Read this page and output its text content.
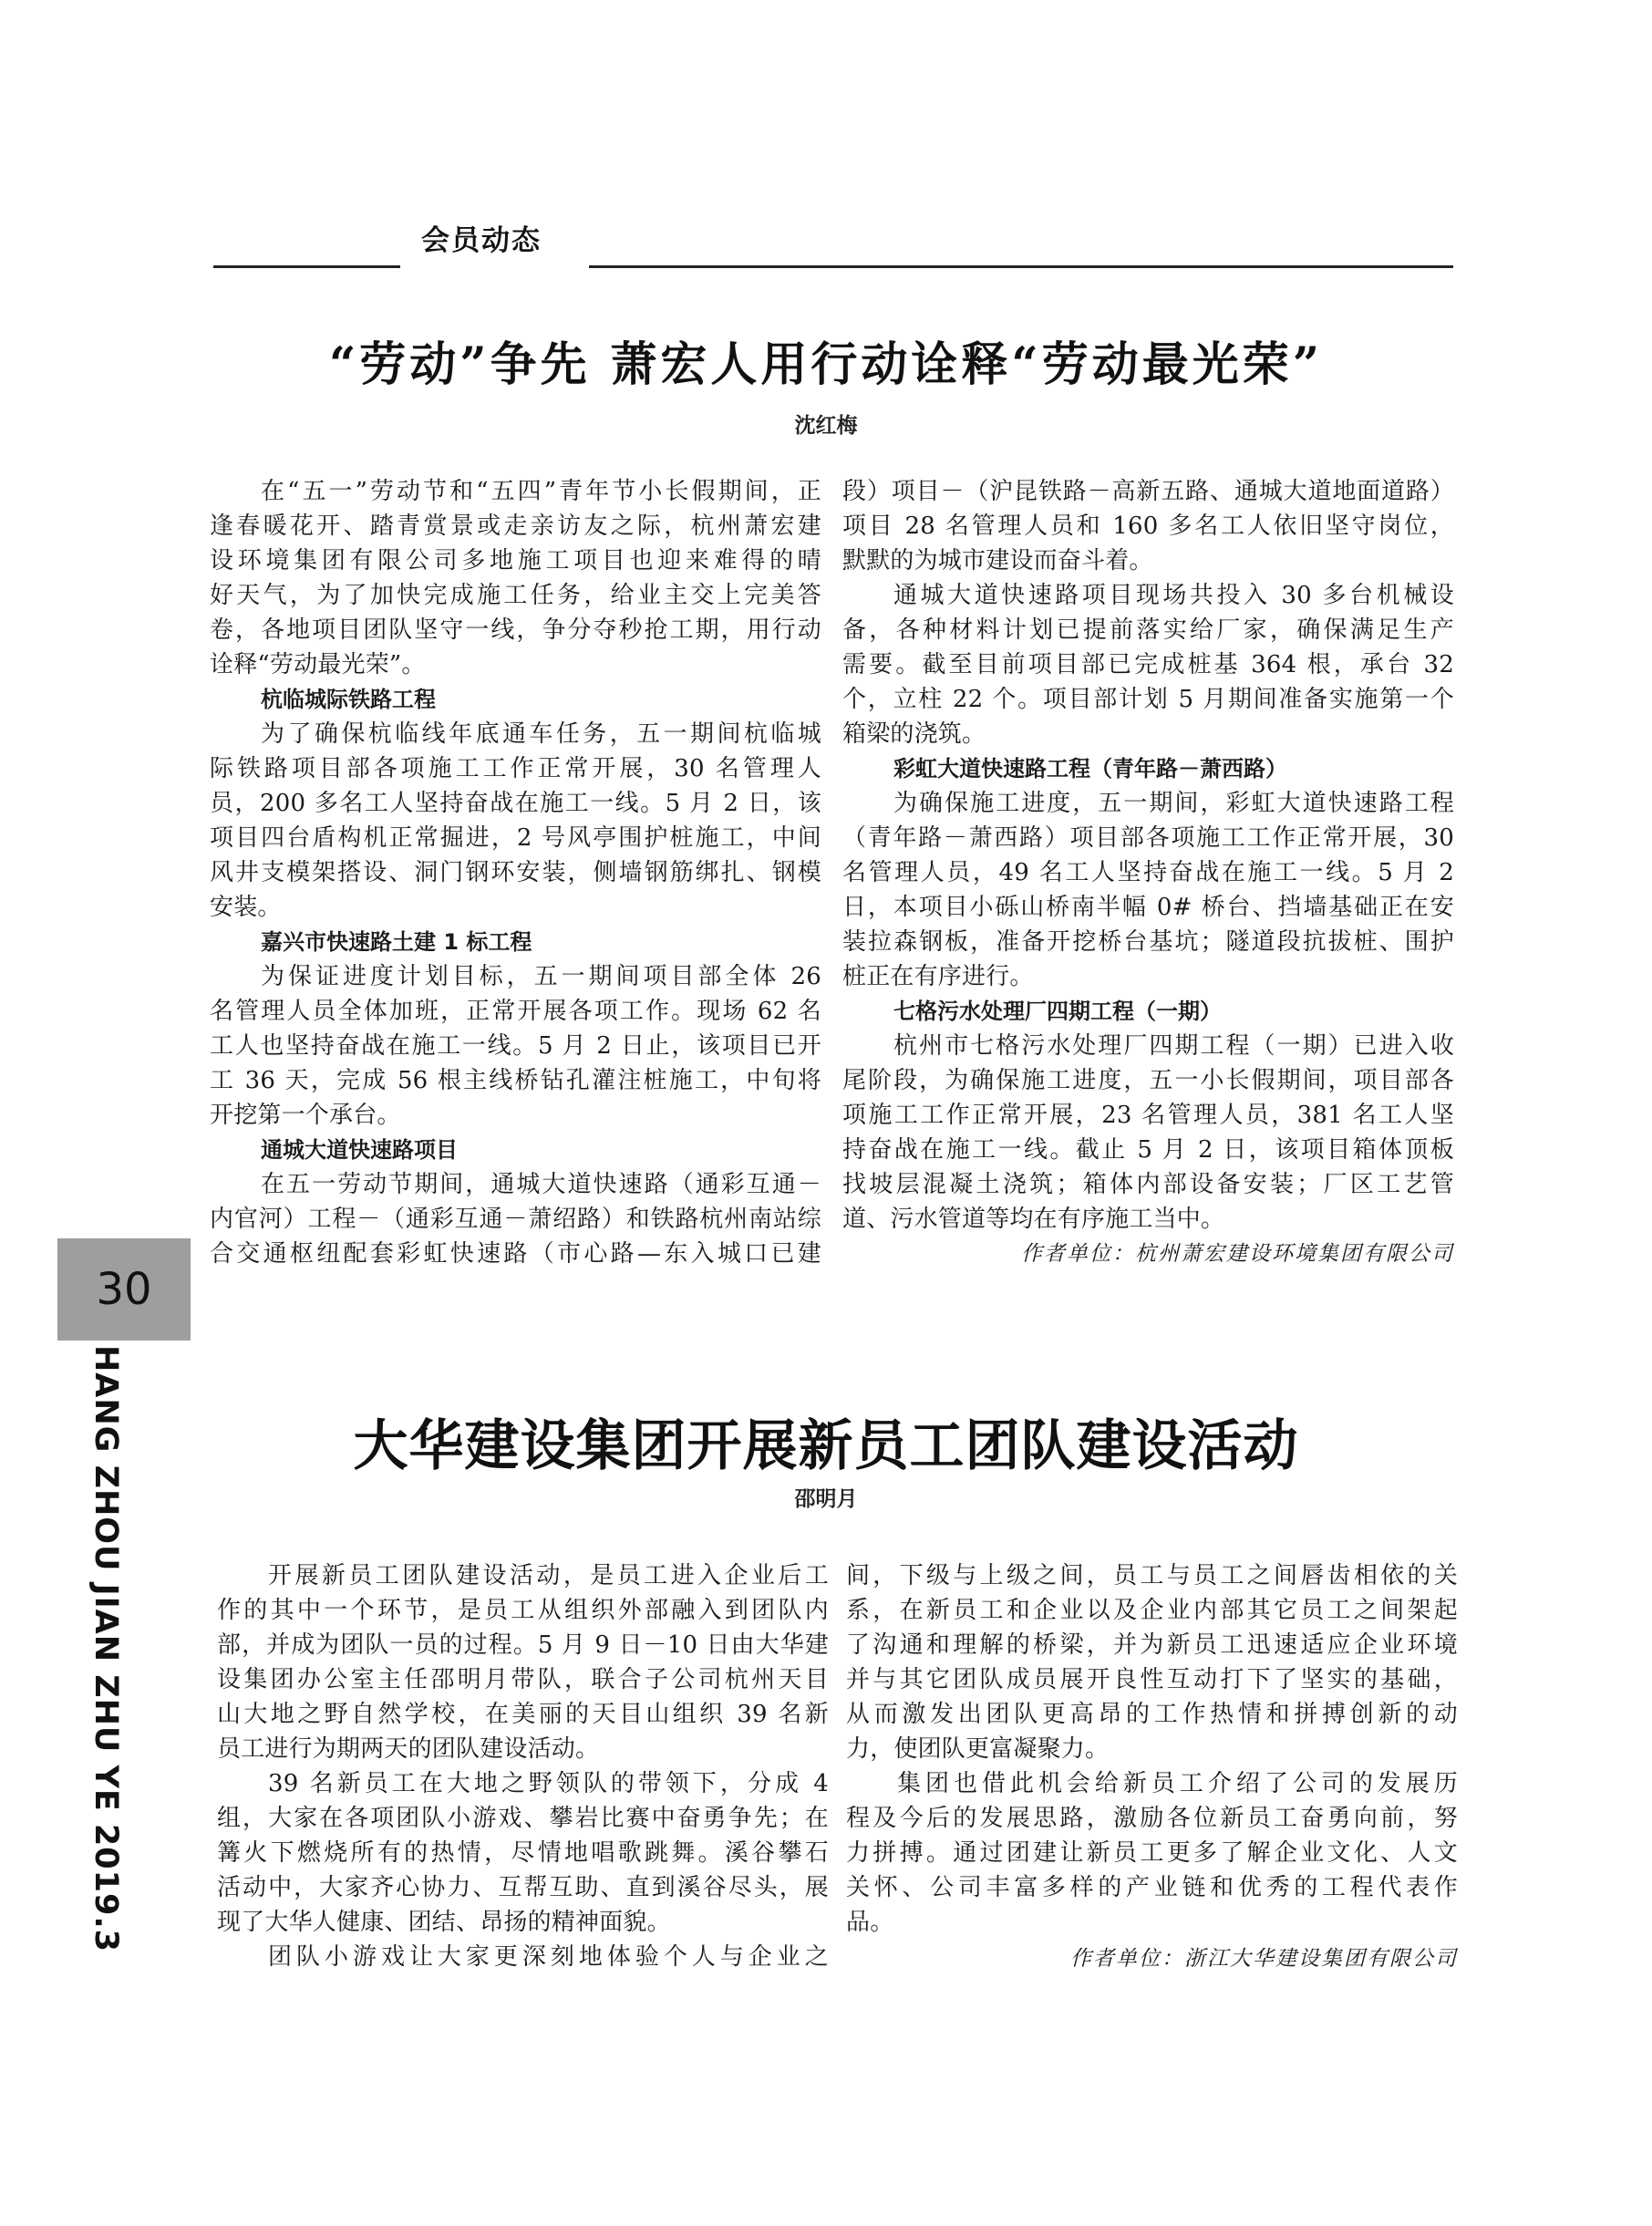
会员动态
“劳动”争先 萧宏人用行动诠释“劳动最光荣”
沈红梅
在“五一”劳动节和“五四”青年节小长假期间，正
逢春暖花开、踏青赏景或走亲访友之际，杭州萧宏建
设环境集团有限公司多地施工项目也迎来难得的晴
好天气，为了加快完成施工任务，给业主交上完美答
卷，各地项目团队坚守一线，争分夺秒抢工期，用行动
诠释“劳动最光荣”。
杭临城际铁路工程
为了确保杭临线年底通车任务，五一期间杭临城
际铁路项目部各项施工工作正常开展，30 名管理人
员，200 多名工人坚持奋战在施工一线。5 月 2 日，该
项目四台盾构机正常掘进，2 号风亭围护桩施工，中间
风井支模架搭设、洞门钢环安装，侧墙钢筋绑扎、钢模
安装。
嘉兴市快速路土建 1 标工程
为保证进度计划目标，五一期间项目部全体 26
名管理人员全体加班，正常开展各项工作。现场 62 名
工人也坚持奋战在施工一线。5 月 2 日止，该项目已开
工 36 天，完成 56 根主线桥钻孔灌注桩施工，中旬将
开挖第一个承台。
通城大道快速路项目
在五一劳动节期间，通城大道快速路（通彩互通－
内官河）工程－（通彩互通－萧绍路）和铁路杭州南站综
合交通枢纽配套彩虹快速路（市心路—东入城口已建
段）项目－（沪昆铁路－高新五路、通城大道地面道路）
项目 28 名管理人员和 160 多名工人依旧坚守岗位，
默默的为城市建设而奋斗着。
通城大道快速路项目现场共投入 30 多台机械设
备，各种材料计划已提前落实给厂家，确保满足生产
需要。截至目前项目部已完成桩基 364 根，承台 32
个，立柱 22 个。项目部计划 5 月期间准备实施第一个
箱梁的浇筑。
彩虹大道快速路工程（青年路－萧西路）
为确保施工进度，五一期间，彩虹大道快速路工程
（青年路－萧西路）项目部各项施工工作正常开展，30
名管理人员，49 名工人坚持奋战在施工一线。5 月 2
日，本项目小砾山桥南半幅 0# 桥台、挡墙基础正在安
装拉森钢板，准备开挖桥台基坑；隧道段抗拔桩、围护
桩正在有序进行。
七格污水处理厂四期工程（一期）
杭州市七格污水处理厂四期工程（一期）已进入收
尾阶段，为确保施工进度，五一小长假期间，项目部各
项施工工作正常开展，23 名管理人员，381 名工人坚
持奋战在施工一线。截止 5 月 2 日，该项目箱体顶板
找坡层混凝土浇筑；箱体内部设备安装；厂区工艺管
道、污水管道等均在有序施工当中。
作者单位：杭州萧宏建设环境集团有限公司
30
HANG ZHOU JIAN ZHU YE 2019.3	大华建设集团开展新员工团队建设活动
邵明月
开展新员工团队建设活动，是员工进入企业后工
作的其中一个环节，是员工从组织外部融入到团队内
部，并成为团队一员的过程。5 月 9 日－10 日由大华建
设集团办公室主任邵明月带队，联合子公司杭州天目
山大地之野自然学校，在美丽的天目山组织 39 名新
员工进行为期两天的团队建设活动。
39 名新员工在大地之野领队的带领下，分成 4
组，大家在各项团队小游戏、攀岩比赛中奋勇争先；在
篝火下燃烧所有的热情，尽情地唱歌跳舞。溪谷攀石
活动中，大家齐心协力、互帮互助、直到溪谷尽头，展
现了大华人健康、团结、昂扬的精神面貌。
团队小游戏让大家更深刻地体验个人与企业之
间，下级与上级之间，员工与员工之间唇齿相依的关
系，在新员工和企业以及企业内部其它员工之间架起
了沟通和理解的桥梁，并为新员工迅速适应企业环境
并与其它团队成员展开良性互动打下了坚实的基础，
从而激发出团队更高昂的工作热情和拼搏创新的动
力，使团队更富凝聚力。
集团也借此机会给新员工介绍了公司的发展历
程及今后的发展思路，激励各位新员工奋勇向前，努
力拼搏。通过团建让新员工更多了解企业文化、人文
关怀、公司丰富多样的产业链和优秀的工程代表作
品。
作者单位：浙江大华建设集团有限公司
